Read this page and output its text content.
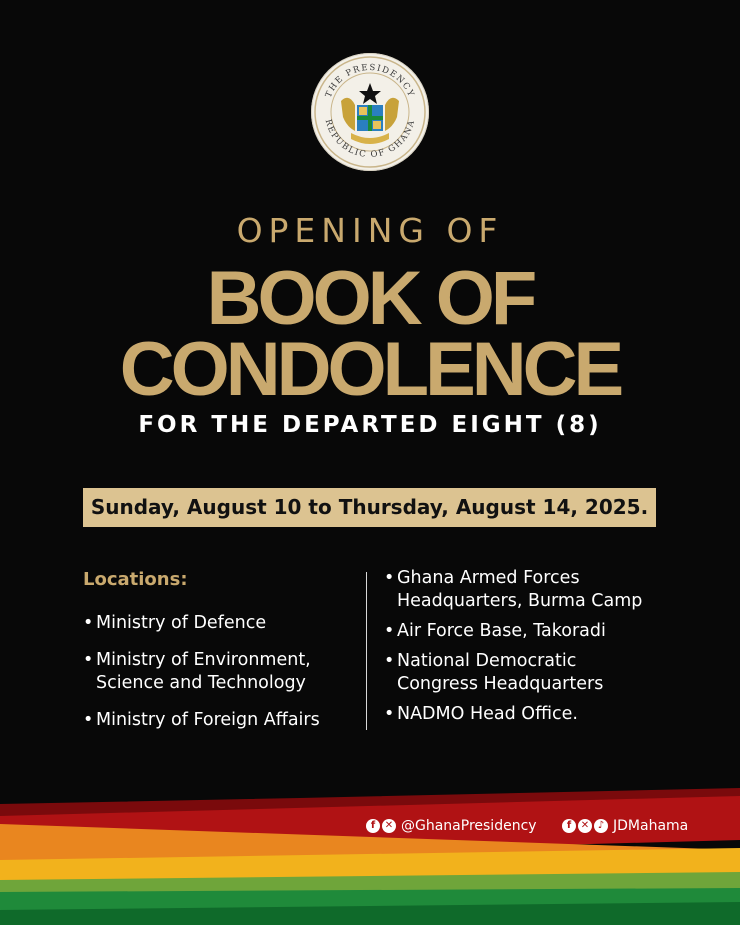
THE PRESIDENCY
REPUBLIC OF GHANA
OPENING OF
BOOK OF
CONDOLENCE
FOR THE DEPARTED EIGHT (8)
Sunday, August 10 to Thursday, August 14, 2025.
Locations:
• Ministry of Defence
• Ministry of Environment,
Science and Technology
• Ministry of Foreign Affairs
• Ghana Armed Forces
Headquarters, Burma Camp
• Air Force Base, Takoradi
• National Democratic
Congress Headquarters
• NADMO Head Office.
f ✕ @GhanaPresidency	f ✕ ♪ JDMahama
